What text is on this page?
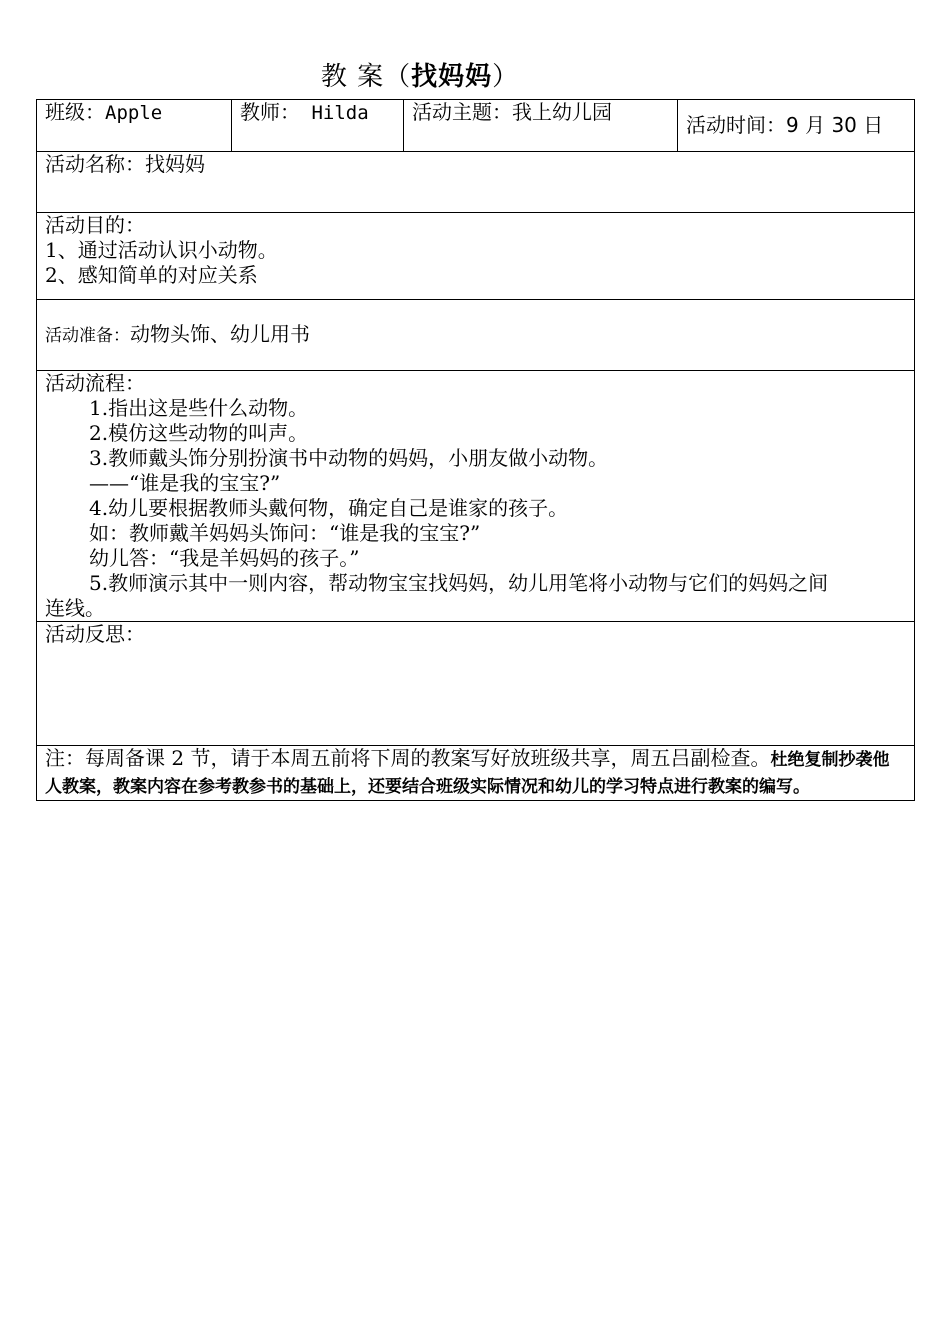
教 案（找妈妈）
班级：Apple	教师： Hilda	活动主题：我上幼儿园	活动时间：9 月 30 日
活动名称：找妈妈

活动目的：
1、通过活动认识小动物。
2、感知简单的对应关系

活动准备：动物头饰、幼儿用书

活动流程：
1.指出这是些什么动物。
2.模仿这些动物的叫声。
3.教师戴头饰分别扮演书中动物的妈妈，小朋友做小动物。
——“谁是我的宝宝?”
4.幼儿要根据教师头戴何物，确定自己是谁家的孩子。
如：教师戴羊妈妈头饰问：“谁是我的宝宝?”
幼儿答：“我是羊妈妈的孩子。”
5.教师演示其中一则内容，帮动物宝宝找妈妈，幼儿用笔将小动物与它们的妈妈之间
连线。

活动反思：

注：每周备课 2 节，请于本周五前将下周的教案写好放班级共享，周五吕副检查。杜绝复制抄袭他人教案，教案内容在参考教参书的基础上，还要结合班级实际情况和幼儿的学习特点进行教案的编写。
